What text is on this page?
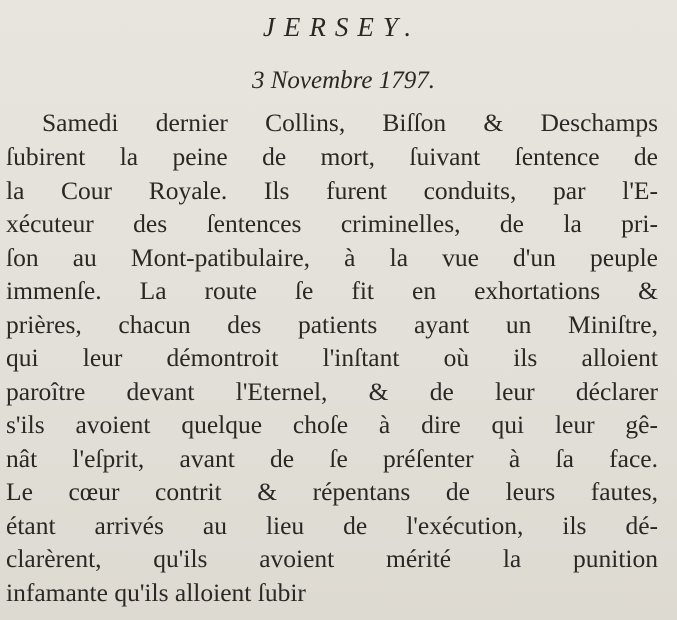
JERSEY.
3 Novembre 1797.
Samedi dernier Collins, Biſſon & Deschamps
ſubirent la peine de mort, ſuivant ſentence de
la Cour Royale. Ils furent conduits, par l'E-
xécuteur des ſentences criminelles, de la pri-
ſon au Mont-patibulaire, à la vue d'un peuple
immenſe. La route ſe fit en exhortations &
prières, chacun des patients ayant un Miniſtre,
qui leur démontroit l'inſtant où ils alloient
paroître devant l'Eternel, & de leur déclarer
s'ils avoient quelque choſe à dire qui leur gê-
nât l'eſprit, avant de ſe préſenter à ſa face.
Le cœur contrit & répentans de leurs fautes,
étant arrivés au lieu de l'exécution, ils dé-
clarèrent, qu'ils avoient mérité la punition
infamante qu'ils alloient ſubir
